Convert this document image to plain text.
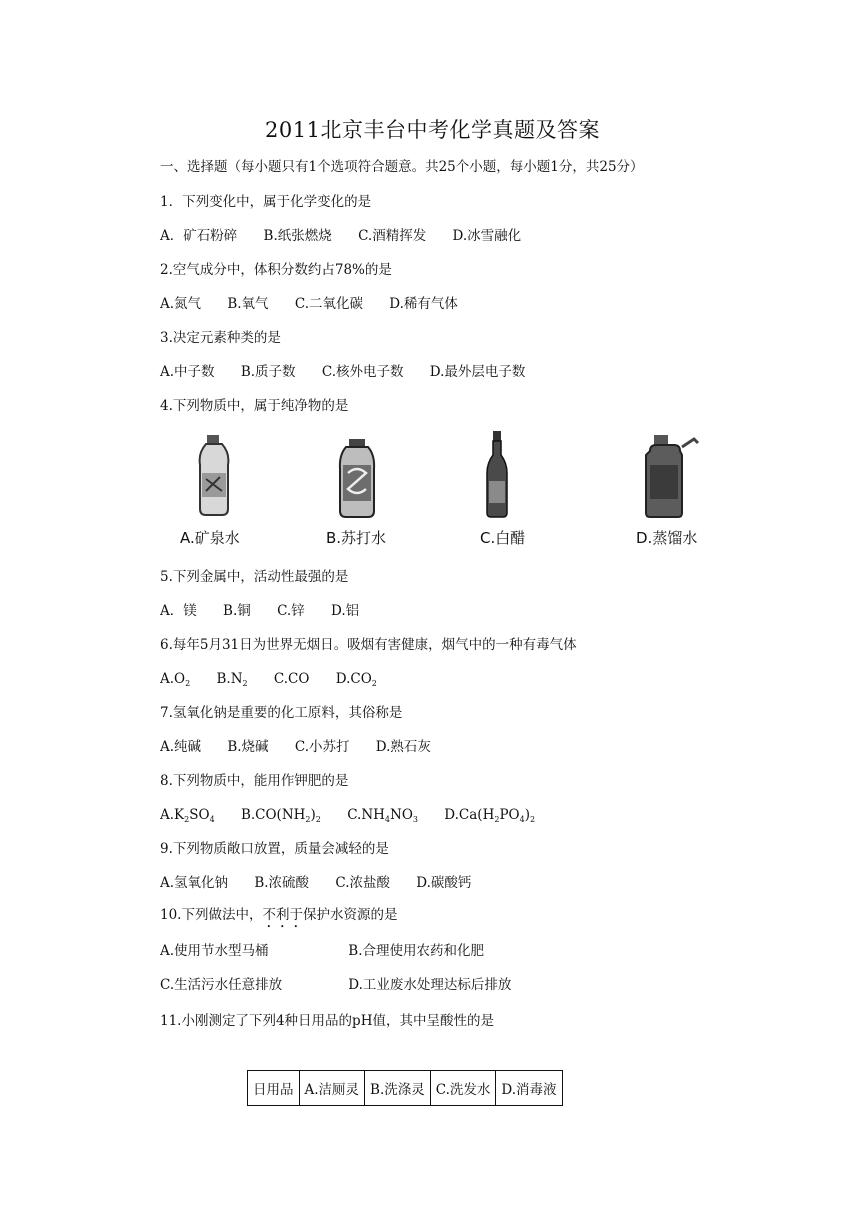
2011北京丰台中考化学真题及答案
一、选择题（每小题只有1个选项符合题意。共25个小题，每小题1分，共25分）
1．下列变化中，属于化学变化的是
A．矿石粉碎 B.纸张燃烧 C.酒精挥发 D.冰雪融化
2.空气成分中，体积分数约占78%的是
A.氮气 B.氧气 C.二氧化碳 D.稀有气体
3.决定元素种类的是
A.中子数 B.质子数 C.核外电子数 D.最外层电子数
4.下列物质中，属于纯净物的是
A.矿泉水	B.苏打水	C.白醋	D.蒸馏水
5.下列金属中，活动性最强的是
A．镁 B.铜 C.锌 D.铝
6.每年5月31日为世界无烟日。吸烟有害健康，烟气中的一种有毒气体
$A.O_2$ $B.N_2$ C.CO $D.CO_2$
7.氢氧化钠是重要的化工原料，其俗称是
A.纯碱 B.烧碱 C.小苏打 D.熟石灰
8.下列物质中，能用作钾肥的是
$A.K_2SO_4$ $B.CO(NH_2)_2$ $C.NH_4NO_3$ $D.Ca(H_2PO_4)_2$
9.下列物质敞口放置，质量会减轻的是
A.氢氧化钠 B.浓硫酸 C.浓盐酸 D.碳酸钙
10.下列做法中，不利于保护水资源的是
A.使用节水型马桶	B.合理使用农药和化肥
C.生活污水任意排放	D.工业废水处理达标后排放
11.小刚测定了下列4种日用品的pH值，其中呈酸性的是
日用品	A.洁厕灵	B.洗涤灵	C.洗发水	D.消毒液
